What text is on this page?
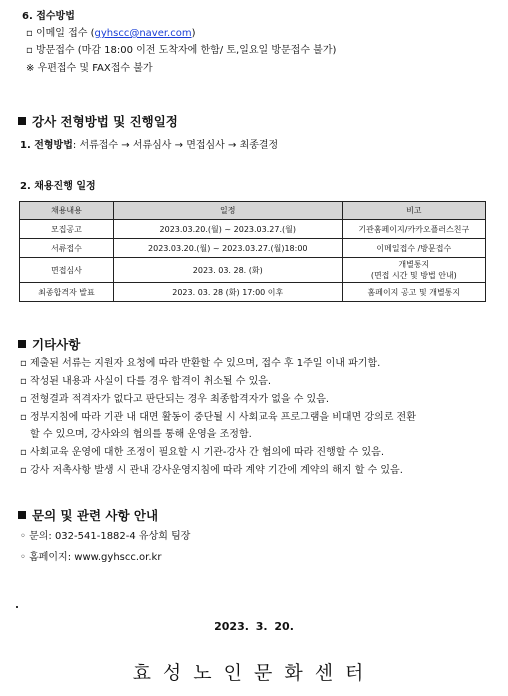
6. 접수방법
▫ 이메일 접수 (gyhscc@naver.com)
▫ 방문접수 (마감 18:00 이전 도착자에 한함/ 토,일요일 방문접수 불가)
※ 우편접수 및 FAX접수 불가
강사 전형방법 및 진행일정
1. 전형방법: 서류접수 → 서류심사 → 면접심사 → 최종결정
2. 채용진행 일정
채용내용	일정	비고
모집공고	2023.03.20.(월) ~ 2023.03.27.(월)	기관홈페이지/카카오플러스친구
서류접수	2023.03.20.(월) ~ 2023.03.27.(월)18:00	이메일접수 /방문접수
면접심사	2023. 03. 28. (화)	개별통지
(면접 시간 및 방법 안내)

최종합격자 발표	2023. 03. 28 (화) 17:00 이후	홈페이지 공고 및 개별통지
기타사항
▫ 제출된 서류는 지원자 요청에 따라 반환할 수 있으며, 접수 후 1주일 이내 파기함.
▫ 작성된 내용과 사실이 다를 경우 합격이 취소될 수 있음.
▫ 전형결과 적격자가 없다고 판단되는 경우 최종합격자가 없을 수 있음.
▫ 정부지침에 따라 기관 내 대면 활동이 중단될 시 사회교육 프로그램을 비대면 강의로 전환
할 수 있으며, 강사와의 협의를 통해 운영을 조정함.
▫ 사회교육 운영에 대한 조정이 필요할 시 기관-강사 간 협의에 따라 진행할 수 있음.
▫ 강사 저촉사항 발생 시 관내 강사운영지침에 따라 계약 기간에 계약의 해지 할 수 있음.
문의 및 관련 사항 안내
◦ 문의: 032-541-1882-4 유상희 팀장
◦ 홈페이지: www.gyhscc.or.kr
2023. 3. 20.
효성노인문화센터
